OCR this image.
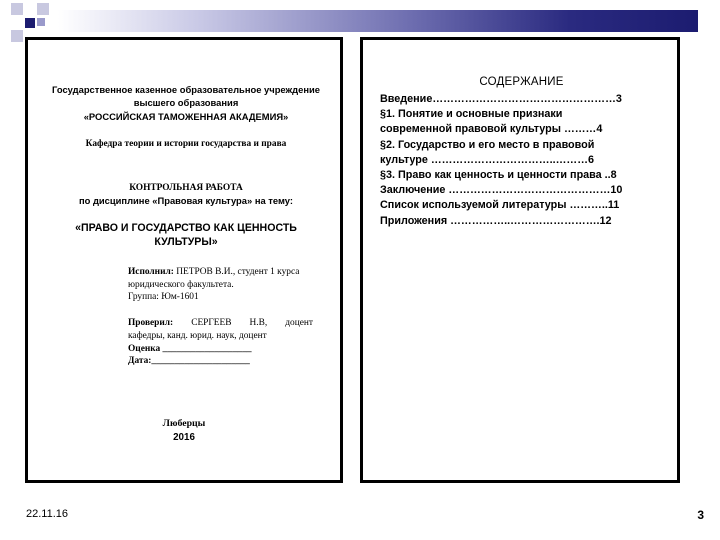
Государственное казенное образовательное учреждение высшего образования
«РОССИЙСКАЯ ТАМОЖЕННАЯ АКАДЕМИЯ»
Кафедра теории и истории государства и права
КОНТРОЛЬНАЯ РАБОТА
по дисциплине «Правовая культура» на тему:
«ПРАВО И ГОСУДАРСТВО КАК ЦЕННОСТЬ КУЛЬТУРЫ»
Исполнил: ПЕТРОВ В.И., студент 1 курса
юридического факультета.
Группа: Юм-1601
Проверил: СЕРГЕЕВ Н.В, доцент
кафедры, канд. юрид. наук, доцент
Оценка ___________________
Дата:_____________________
Люберцы
2016
СОДЕРЖАНИЕ
Введение……………………………………………3
§1. Понятие и основные признаки
современной правовой культуры ………4
§2. Государство и его место в правовой
культуре ……………………………..………6
§3. Право как ценность и ценности права ..8
Заключение ………………………………………10
Список используемой литературы ………..11
Приложения ……………..…………………….12
22.11.16	3
